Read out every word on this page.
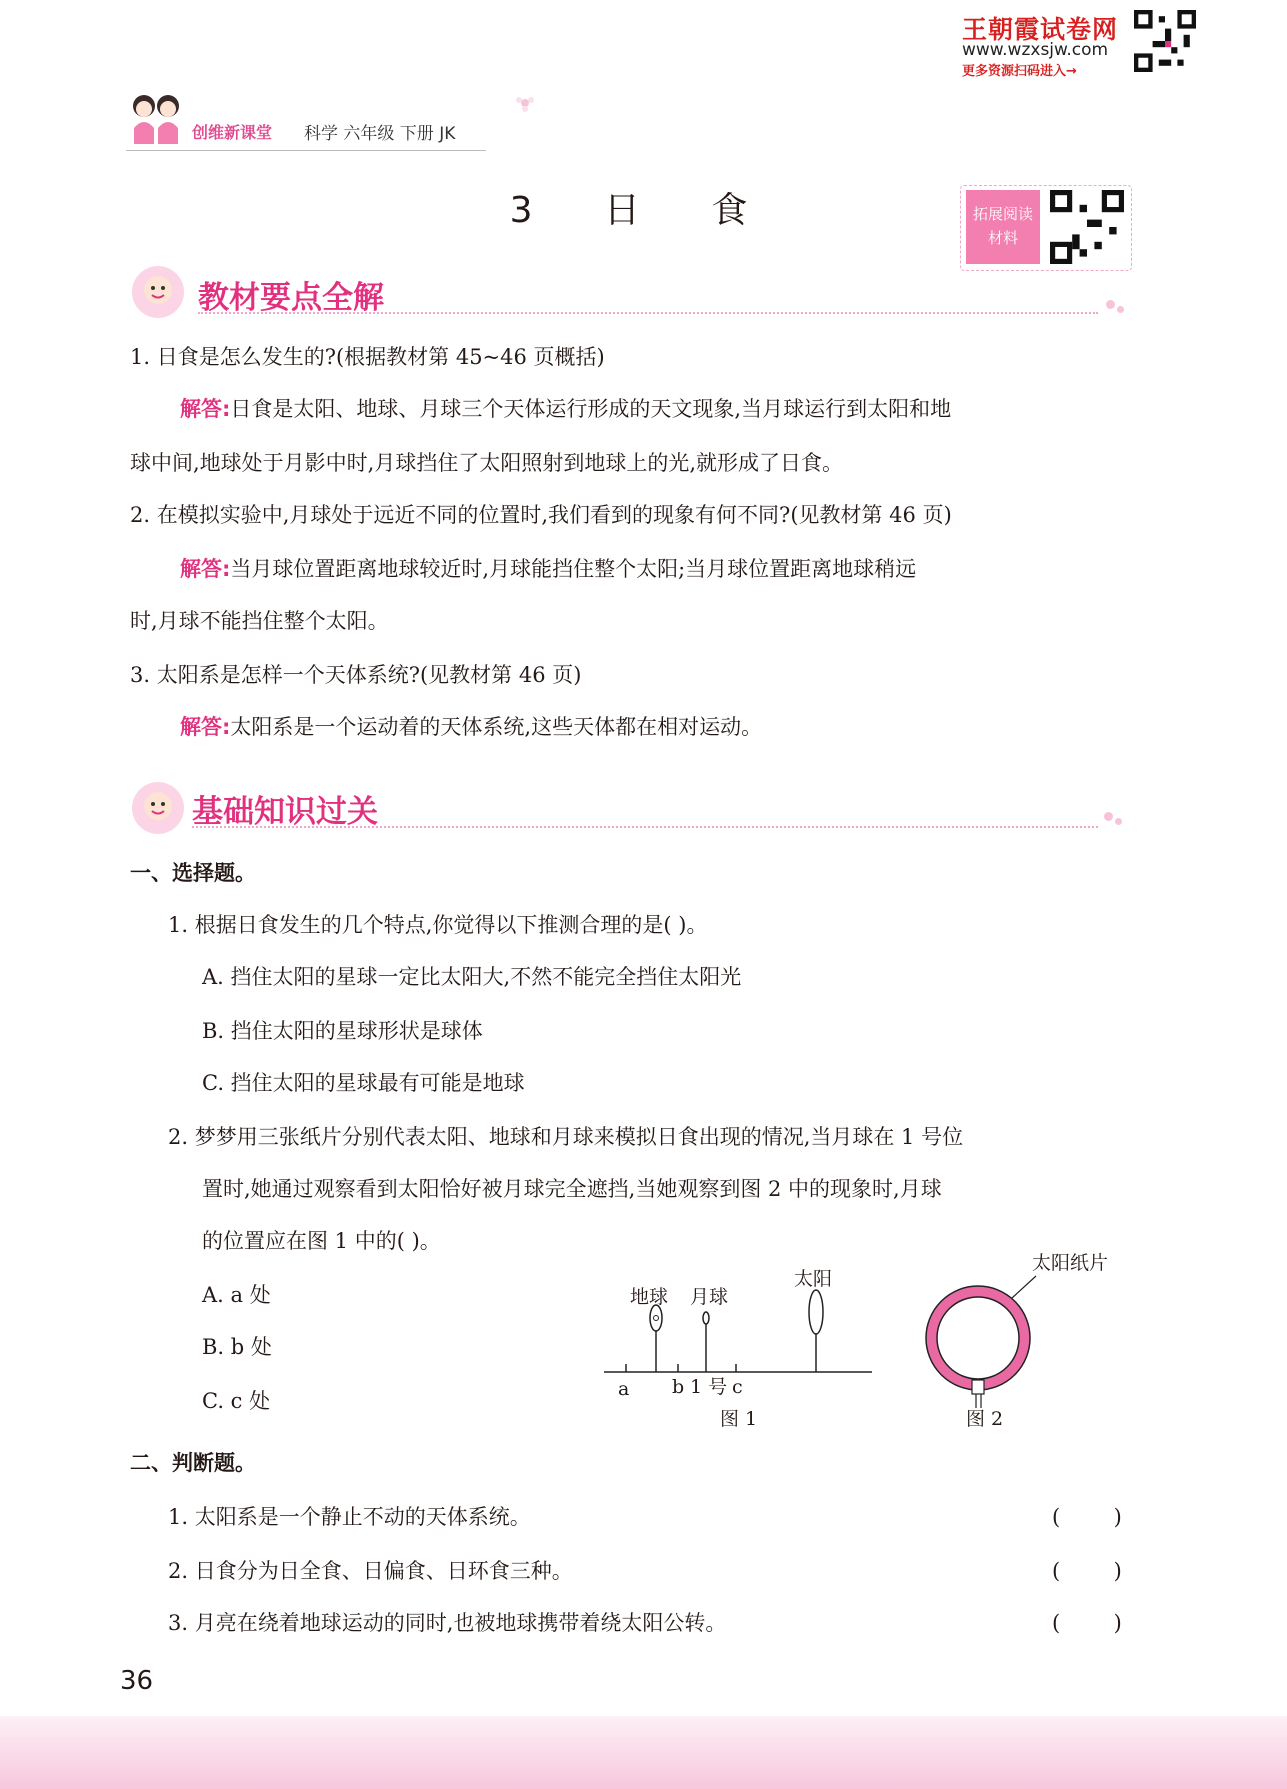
王朝霞试卷网
www.wzxsjw.com
更多资源扫码进入→
创维新课堂 科学 六年级 下册 JK
3 日 食	拓展阅读
材料
教材要点全解
1. 日食是怎么发生的?(根据教材第 45~46 页概括)
解答:日食是太阳、地球、月球三个天体运行形成的天文现象,当月球运行到太阳和地
球中间,地球处于月影中时,月球挡住了太阳照射到地球上的光,就形成了日食。
2. 在模拟实验中,月球处于远近不同的位置时,我们看到的现象有何不同?(见教材第 46 页)
解答:当月球位置距离地球较近时,月球能挡住整个太阳;当月球位置距离地球稍远
时,月球不能挡住整个太阳。
3. 太阳系是怎样一个天体系统?(见教材第 46 页)
解答:太阳系是一个运动着的天体系统,这些天体都在相对运动。
基础知识过关
一、选择题。
1. 根据日食发生的几个特点,你觉得以下推测合理的是( )。
A. 挡住太阳的星球一定比太阳大,不然不能完全挡住太阳光
B. 挡住太阳的星球形状是球体
C. 挡住太阳的星球最有可能是地球
2. 梦梦用三张纸片分别代表太阳、地球和月球来模拟日食出现的情况,当月球在 1 号位
置时,她通过观察看到太阳恰好被月球完全遮挡,当她观察到图 2 中的现象时,月球
的位置应在图 1 中的( )。
A. a 处
B. b 处
C. c 处
地球 月球
太阳
a b 1 号 c
图 1
太阳纸片
图 2
二、判断题。
1. 太阳系是一个静止不动的天体系统。	(        )
2. 日食分为日全食、日偏食、日环食三种。	(        )
3. 月亮在绕着地球运动的同时,也被地球携带着绕太阳公转。	(        )
36
